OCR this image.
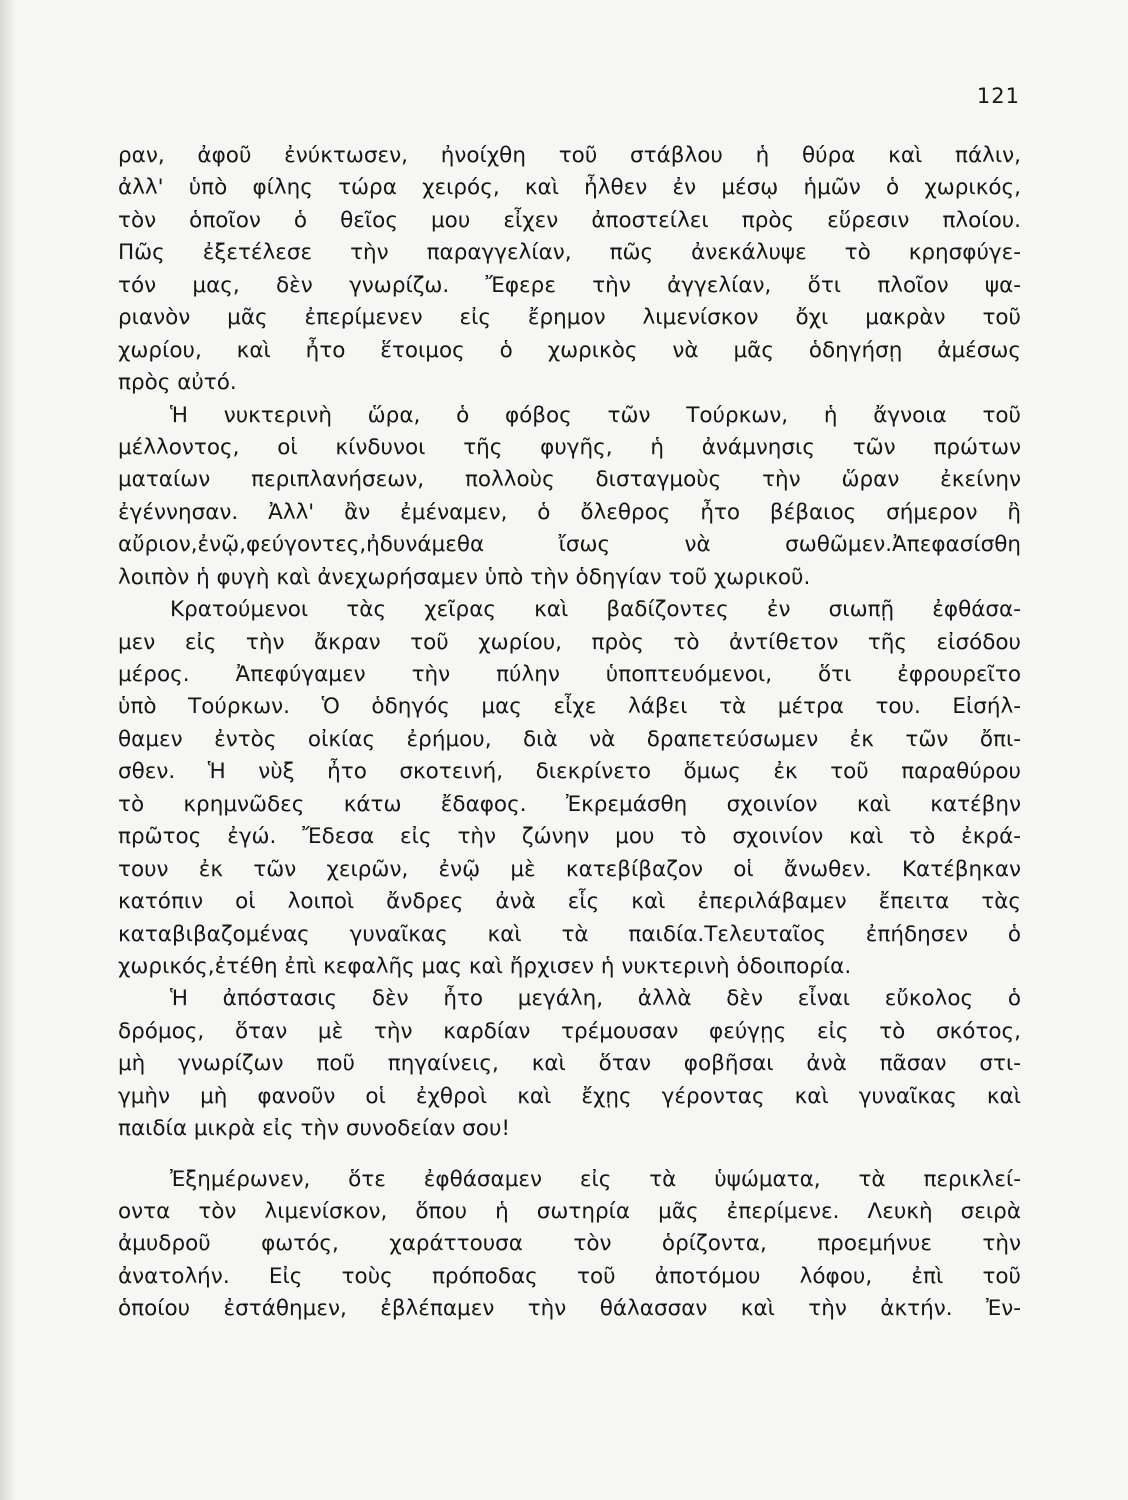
121
ραν, ἀφοῦ ἐνύκτωσεν, ἠνοίχθη τοῦ στάβλου ἡ θύρα καὶ πάλιν,
ἀλλ' ὑπὸ φίλης τώρα χειρός, καὶ ἦλθεν ἐν μέσῳ ἡμῶν ὁ χωρικός,
τὸν ὁποῖον ὁ θεῖος μου εἶχεν ἀποστείλει πρὸς εὕρεσιν πλοίου.
Πῶς ἐξετέλεσε τὴν παραγγελίαν, πῶς ἀνεκάλυψε τὸ κρησφύγε-
τόν μας, δὲν γνωρίζω. Ἔφερε τὴν ἀγγελίαν, ὅτι πλοῖον ψα-
ριανὸν μᾶς ἐπερίμενεν εἰς ἔρημον λιμενίσκον ὄχι μακρὰν τοῦ
χωρίου, καὶ ἦτο ἕτοιμος ὁ χωρικὸς νὰ μᾶς ὁδηγήσῃ ἀμέσως
πρὸς αὐτό.
Ἡ νυκτερινὴ ὥρα, ὁ φόβος τῶν Τούρκων, ἡ ἄγνοια τοῦ
μέλλοντος, οἱ κίνδυνοι τῆς φυγῆς, ἡ ἀνάμνησις τῶν πρώτων
ματαίων περιπλανήσεων, πολλοὺς δισταγμοὺς τὴν ὥραν ἐκείνην
ἐγέννησαν. Ἀλλ' ἂν ἐμέναμεν, ὁ ὄλεθρος ἦτο βέβαιος σήμερον ἢ
αὔριον,ἐνῷ,φεύγοντες,ἠδυνάμεθα ἴσως νὰ σωθῶμεν.Ἀπεφασίσθη
λοιπὸν ἡ φυγὴ καὶ ἀνεχωρήσαμεν ὑπὸ τὴν ὁδηγίαν τοῦ χωρικοῦ.
Κρατούμενοι τὰς χεῖρας καὶ βαδίζοντες ἐν σιωπῇ ἐφθάσα-
μεν εἰς τὴν ἄκραν τοῦ χωρίου, πρὸς τὸ ἀντίθετον τῆς εἰσόδου
μέρος. Ἀπεφύγαμεν τὴν πύλην ὑποπτευόμενοι, ὅτι ἐφρουρεῖτο
ὑπὸ Τούρκων. Ὁ ὁδηγός μας εἶχε λάβει τὰ μέτρα του. Εἰσήλ-
θαμεν ἐντὸς οἰκίας ἐρήμου, διὰ νὰ δραπετεύσωμεν ἐκ τῶν ὄπι-
σθεν. Ἡ νὺξ ἦτο σκοτεινή, διεκρίνετο ὅμως ἐκ τοῦ παραθύρου
τὸ κρημνῶδες κάτω ἔδαφος. Ἐκρεμάσθη σχοινίον καὶ κατέβην
πρῶτος ἐγώ. Ἔδεσα εἰς τὴν ζώνην μου τὸ σχοινίον καὶ τὸ ἐκρά-
τουν ἐκ τῶν χειρῶν, ἐνῷ μὲ κατεβίβαζον οἱ ἄνωθεν. Κατέβηκαν
κατόπιν οἱ λοιποὶ ἄνδρες ἀνὰ εἷς καὶ ἐπεριλάβαμεν ἔπειτα τὰς
καταβιβαζομένας γυναῖκας καὶ τὰ παιδία.Τελευταῖος ἐπήδησεν ὁ
χωρικός,ἐτέθη ἐπὶ κεφαλῆς μας καὶ ἤρχισεν ἡ νυκτερινὴ ὁδοιπορία.
Ἡ ἀπόστασις δὲν ἦτο μεγάλη, ἀλλὰ δὲν εἶναι εὔκολος ὁ
δρόμος, ὅταν μὲ τὴν καρδίαν τρέμουσαν φεύγῃς εἰς τὸ σκότος,
μὴ γνωρίζων ποῦ πηγαίνεις, καὶ ὅταν φοβῆσαι ἀνὰ πᾶσαν στι-
γμὴν μὴ φανοῦν οἱ ἐχθροὶ καὶ ἔχῃς γέροντας καὶ γυναῖκας καὶ
παιδία μικρὰ εἰς τὴν συνοδείαν σου!
Ἐξημέρωνεν, ὅτε ἐφθάσαμεν εἰς τὰ ὑψώματα, τὰ περικλεί-
οντα τὸν λιμενίσκον, ὅπου ἡ σωτηρία μᾶς ἐπερίμενε. Λευκὴ σειρὰ
ἀμυδροῦ φωτός, χαράττουσα τὸν ὁρίζοντα, προεμήνυε τὴν
ἀνατολήν. Εἰς τοὺς πρόποδας τοῦ ἀποτόμου λόφου, ἐπὶ τοῦ
ὁποίου ἐστάθημεν, ἐβλέπαμεν τὴν θάλασσαν καὶ τὴν ἀκτήν. Ἐν-
